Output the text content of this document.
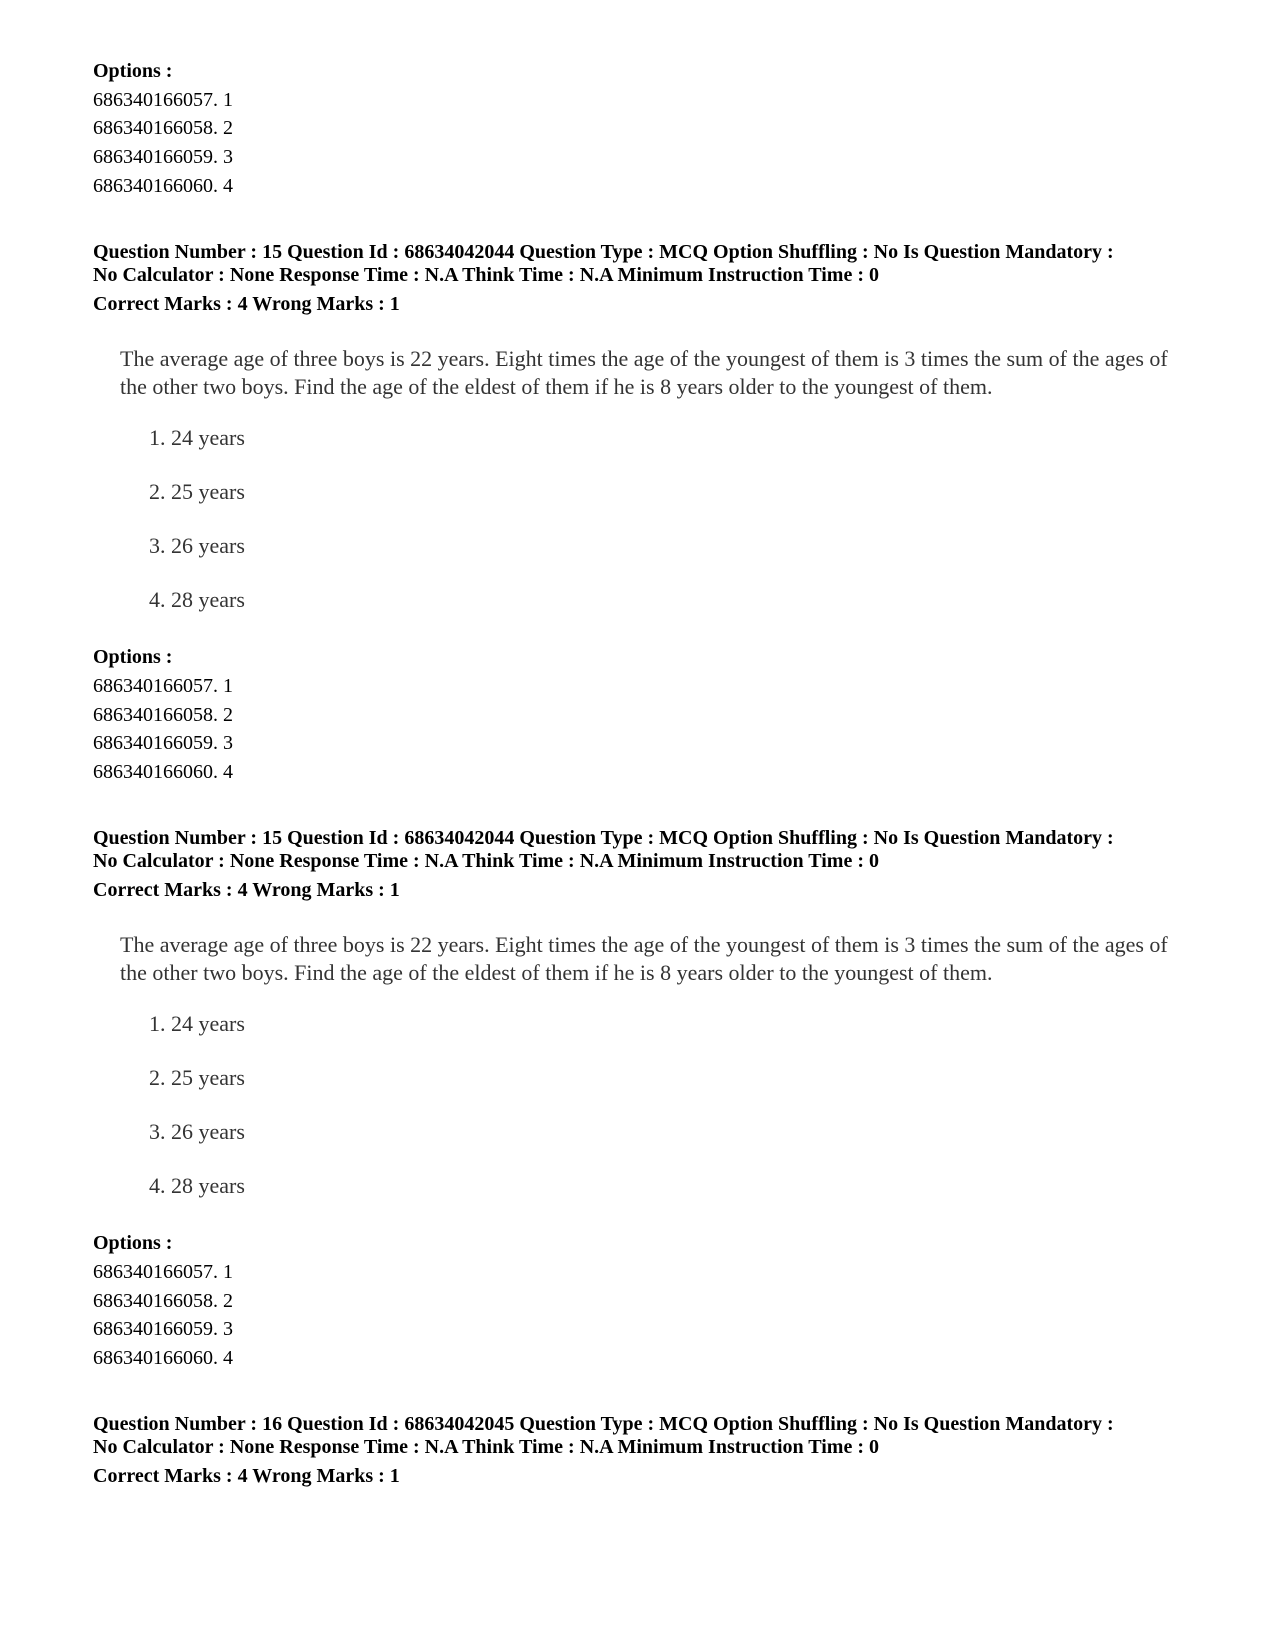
Options :
686340166057. 1
686340166058. 2
686340166059. 3
686340166060. 4
Question Number : 15 Question Id : 68634042044 Question Type : MCQ Option Shuffling : No Is Question Mandatory :
No Calculator : None Response Time : N.A Think Time : N.A Minimum Instruction Time : 0
Correct Marks : 4 Wrong Marks : 1
The average age of three boys is 22 years. Eight times the age of the youngest of them is 3 times the sum of the ages of the other two boys. Find the age of the eldest of them if he is 8 years older to the youngest of them.
1. 24 years
2. 25 years
3. 26 years
4. 28 years
Options :
686340166057. 1
686340166058. 2
686340166059. 3
686340166060. 4
Question Number : 15 Question Id : 68634042044 Question Type : MCQ Option Shuffling : No Is Question Mandatory :
No Calculator : None Response Time : N.A Think Time : N.A Minimum Instruction Time : 0
Correct Marks : 4 Wrong Marks : 1
The average age of three boys is 22 years. Eight times the age of the youngest of them is 3 times the sum of the ages of the other two boys. Find the age of the eldest of them if he is 8 years older to the youngest of them.
1. 24 years
2. 25 years
3. 26 years
4. 28 years
Options :
686340166057. 1
686340166058. 2
686340166059. 3
686340166060. 4
Question Number : 16 Question Id : 68634042045 Question Type : MCQ Option Shuffling : No Is Question Mandatory :
No Calculator : None Response Time : N.A Think Time : N.A Minimum Instruction Time : 0
Correct Marks : 4 Wrong Marks : 1
